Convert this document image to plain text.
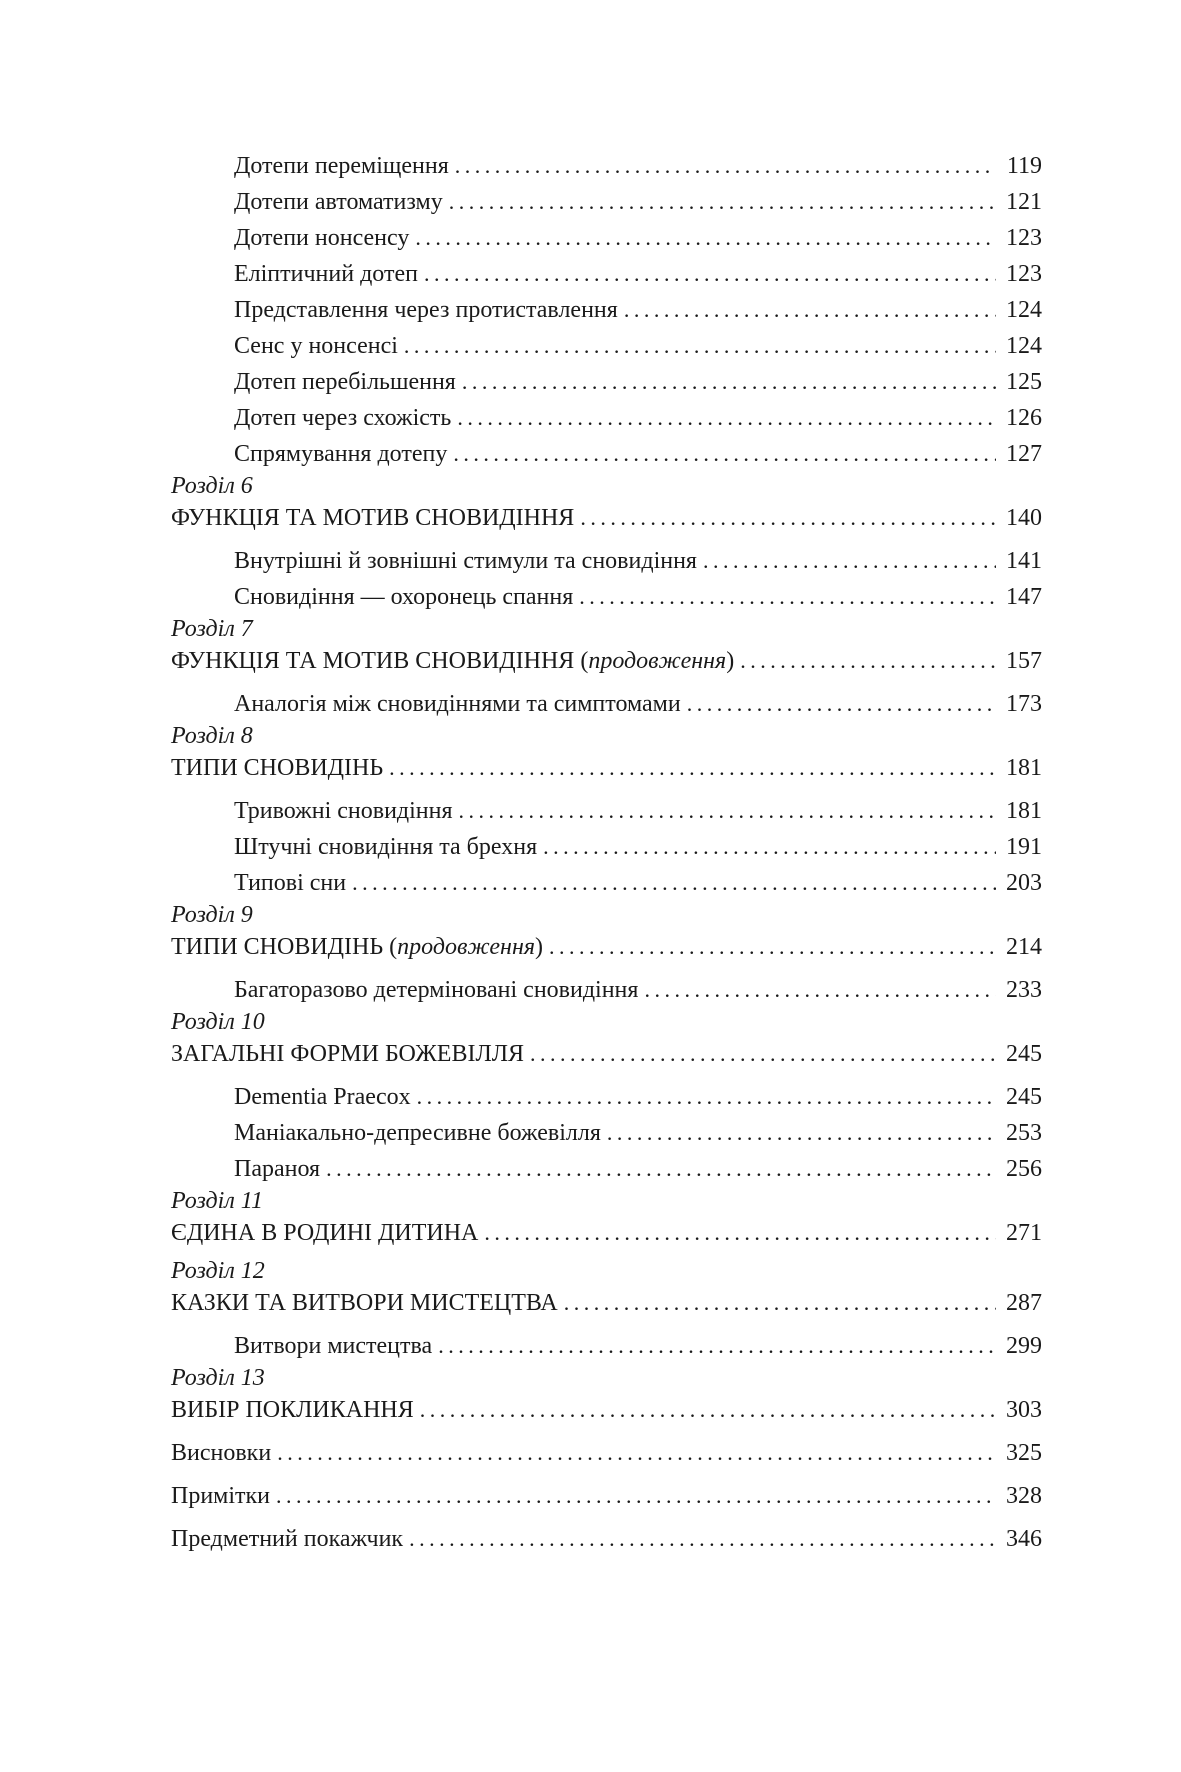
Дотепи переміщення .....	119
Дотепи автоматизму .....	121
Дотепи нонсенсу .....	123
Еліптичний дотеп .....	123
Представлення через протиставлення .....	124
Сенс у нонсенсі .....	124
Дотеп перебільшення .....	125
Дотеп через схожість .....	126
Спрямування дотепу .....	127
Розділ 6
ФУНКЦІЯ ТА МОТИВ СНОВИДІННЯ .....	140
Внутрішні й зовнішні стимули та сновидіння .....	141
Сновидіння — охоронець спання .....	147
Розділ 7
ФУНКЦІЯ ТА МОТИВ СНОВИДІННЯ (продовження) .....	157
Аналогія між сновидіннями та симптомами .....	173
Розділ 8
ТИПИ СНОВИДІНЬ .....	181
Тривожні сновидіння .....	181
Штучні сновидіння та брехня .....	191
Типові сни .....	203
Розділ 9
ТИПИ СНОВИДІНЬ (продовження) .....	214
Багаторазово детерміновані сновидіння .....	233
Розділ 10
ЗАГАЛЬНІ ФОРМИ БОЖЕВІЛЛЯ .....	245
Dementia Praecox .....	245
Маніакально-депресивне божевілля .....	253
Параноя .....	256
Розділ 11
ЄДИНА В РОДИНІ ДИТИНА .....	271
Розділ 12
КАЗКИ ТА ВИТВОРИ МИСТЕЦТВА .....	287
Витвори мистецтва .....	299
Розділ 13
ВИБІР ПОКЛИКАННЯ .....	303
Висновки .....	325
Примітки .....	328
Предметний покажчик .....	346
